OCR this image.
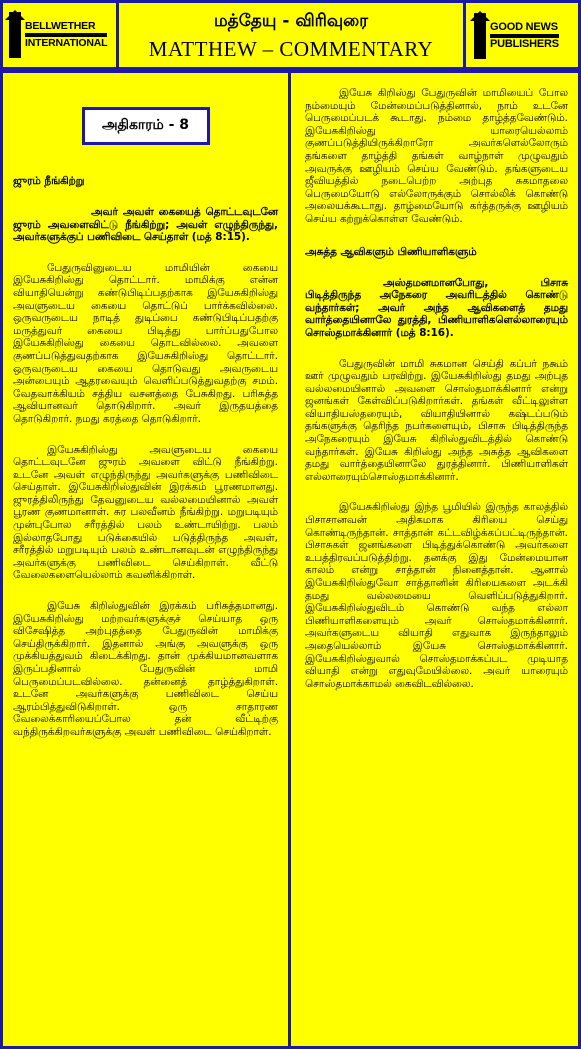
BELLWETHER
INTERNATIONAL
மத்தேயு - விரிவுரை
MATTHEW – COMMENTARY
GOOD NEWS
PUBLISHERS
அதிகாரம் - 8
ஜுரம் நீங்கிற்று

அவர் அவள் கையைத் தொட்டவுடனே ஜுரம் அவளைவிட்டு நீங்கிற்று; அவள் எழுந்திருந்து, அவர்களுக்குப் பணிவிடை செய்தாள் (மத் 8:15).

பேதுருவினுடைய மாமியின் கையை இயேசுகிறிஸ்து தொட்டார். மாமிக்கு என்ன வியாதியென்று கண்டுபிடிப்பதற்காக இயேசுகிறிஸ்து அவளுடைய கையை தொட்டுப் பார்க்கவில்லை. ஒருவருடைய நாடித் துடிப்பை கண்டுபிடிப்பதற்கு மருத்துவர் கையை பிடித்து பார்ப்பதுபோல இயேசுகிறிஸ்து கையை தொடவில்லை. அவளை குணப்படுத்துவதற்காக இயேசுகிறிஸ்து தொட்டார். ஒருவருடைய கையை தொடுவது அவருடைய அன்பையும் ஆதரவையும் வெளிப்படுத்துவதற்கு சமம். வேதவாக்கியம் சத்திய வசனத்தை பேசுகிறது. பரிசுத்த ஆவியானவர் தொடுகிறார். அவர் இருதயத்தை தொடுகிறார். நமது கரத்தை தொடுகிறார்.

இயேசுகிறிஸ்து அவளுடைய கையை தொட்டவுடனே ஜுரம் அவளை விட்டு நீங்கிற்று. உடனே அவள் எழுந்திருந்து அவர்களுக்கு பணிவிடை செய்தாள். இயேசுகிறிஸ்துவின் இரக்கம் பூரணமானது. ஜுரத்திலிருந்து தேவனுடைய வல்லமையினால் அவள் பூரண குணமானாள். சுர பலவீனம் நீங்கிற்று. மறுபடியும் முன்புபோல சரீரத்தில் பலம் உண்டாயிற்று. பலம் இல்லாதபோது படுக்கையில் படுத்திருந்த அவள், சரீரத்தில் மறுபடியும் பலம் உண்டானவுடன் எழுந்திருந்து அவர்களுக்கு பணிவிடை செய்கிறாள். வீட்டு வேலைகளையெல்லாம் கவனிக்கிறாள்.

இயேசு கிறிஸ்துவின் இரக்கம் பரிசுத்தமானது. இயேசுகிறிஸ்து மற்றவர்களுக்குச் செய்யாத ஒரு விசேஷித்த அற்புதத்தை பேதுருவின் மாமிக்கு செய்திருக்கிறார். இதனால் அங்கு அவளுக்கு ஒரு முக்கியத்துவம் கிடைக்கிறது. தான் முக்கியமானவளாக இருப்பதினால் பேதுருவின் மாமி பெருமைப்படவில்லை. தன்னைத் தாழ்த்துகிறாள். உடனே அவர்களுக்கு பணிவிடை செய்ய ஆரம்பித்துவிடுகிறாள். ஒரு சாதாரண வேலைக்காரியைப்போல தன் வீட்டிற்கு வந்திருக்கிறவர்களுக்கு அவள் பணிவிடை செய்கிறாள்.

இயேசு கிறிஸ்து பேதுருவின் மாமியைப் போல நம்மையும் மேன்மைப்படுத்தினால், நாம் உடனே பெருமைப்படக் கூடாது. நம்மை தாழ்த்தவேண்டும். இயேசுகிறிஸ்து யாரையெல்லாம் குணப்படுத்தியிருக்கிறாரோ அவர்களெல்லோரும் தங்களை தாழ்த்தி தங்கள் வாழ்நாள் முழுவதும் அவருக்கு ஊழியம் செய்ய வேண்டும். தங்களுடைய ஜீவியத்தில் நடைபெற்ற அற்புத சுகமாதலை பெருமையோடு எல்லோருக்கும் சொல்லிக் கொண்டு அலையக்கூடாது. தாழ்மையோடு கர்த்தருக்கு ஊழியம் செய்ய கற்றுக்கொள்ள வேண்டும்.

அசுத்த ஆவிகளும் பிணியாளிகளும்

அஸ்தமனமானபோது, பிசாசு பிடித்திருந்த அநேகரை அவரிடத்தில் கொண்டு வந்தார்கள்; அவர் அந்த ஆவிகளைத் தமது வார்த்தையினாலே துரத்தி, பிணியாளிகளெல்லாரையும் சொஸ்தமாக்கினார் (மத் 8:16).

பேதுருவின் மாமி சுகமான செய்தி கப்பர் நகூம் ஊர் முழுவதும் பரவிற்று. இயேசுகிறிஸ்து தமது அற்புத வல்லமையினால் அவளை சொஸ்தமாக்கினார் என்று ஜனங்கள் கேள்விப்படுகிறார்கள். தங்கள் வீட்டிலுள்ள வியாதியஸ்தரையும், வியாதியினால் கஷ்டப்படும் தங்களுக்கு தெரிந்த நபர்களையும், பிசாசு பிடித்திருந்த அநேகரையும் இயேசு கிறிஸ்துவிடத்தில் கொண்டு வந்தார்கள். இயேசு கிறிஸ்து அந்த அசுத்த ஆவிகளை தமது வார்த்தையினாலே துரத்தினார். பிணியாளிகள் எல்லாரையும்சொஸ்தமாக்கினார்.

இயேசுகிறிஸ்து இந்த பூமியில் இருந்த காலத்தில் பிசாசானவன் அதிகமாக கிரியை செய்து கொண்டிருந்தான். சாத்தான் கட்டவிழ்க்கப்பட்டிருந்தான். பிசாசுகள் ஜனங்களை பிடித்துக்கொண்டு அவர்களை உபத்திரவப்படுத்திற்று. தனக்கு இது மேன்மையான காலம் என்று சாத்தான் நினைத்தான். ஆனால் இயேசுகிறிஸ்துவோ சாத்தானின் கிரியைகளை அடக்கி தமது வல்லமையை வெளிப்படுத்துகிறார். இயேசுகிறிஸ்துவிடம் கொண்டு வந்த எல்லா பிணியாளிகளையும் அவர் சொஸ்தமாக்கினார். அவர்களுடைய வியாதி எதுவாக இருந்தாலும் அதையெல்லாம் இயேசு சொஸ்தமாக்கினார். இயேசுகிறிஸ்துவால் சொஸ்தமாக்கப்பட முடியாத வியாதி என்று எதுவுமேயில்லை. அவர் யாரையும் சொஸ்தமாக்காமல் கைவிடவில்லை.
